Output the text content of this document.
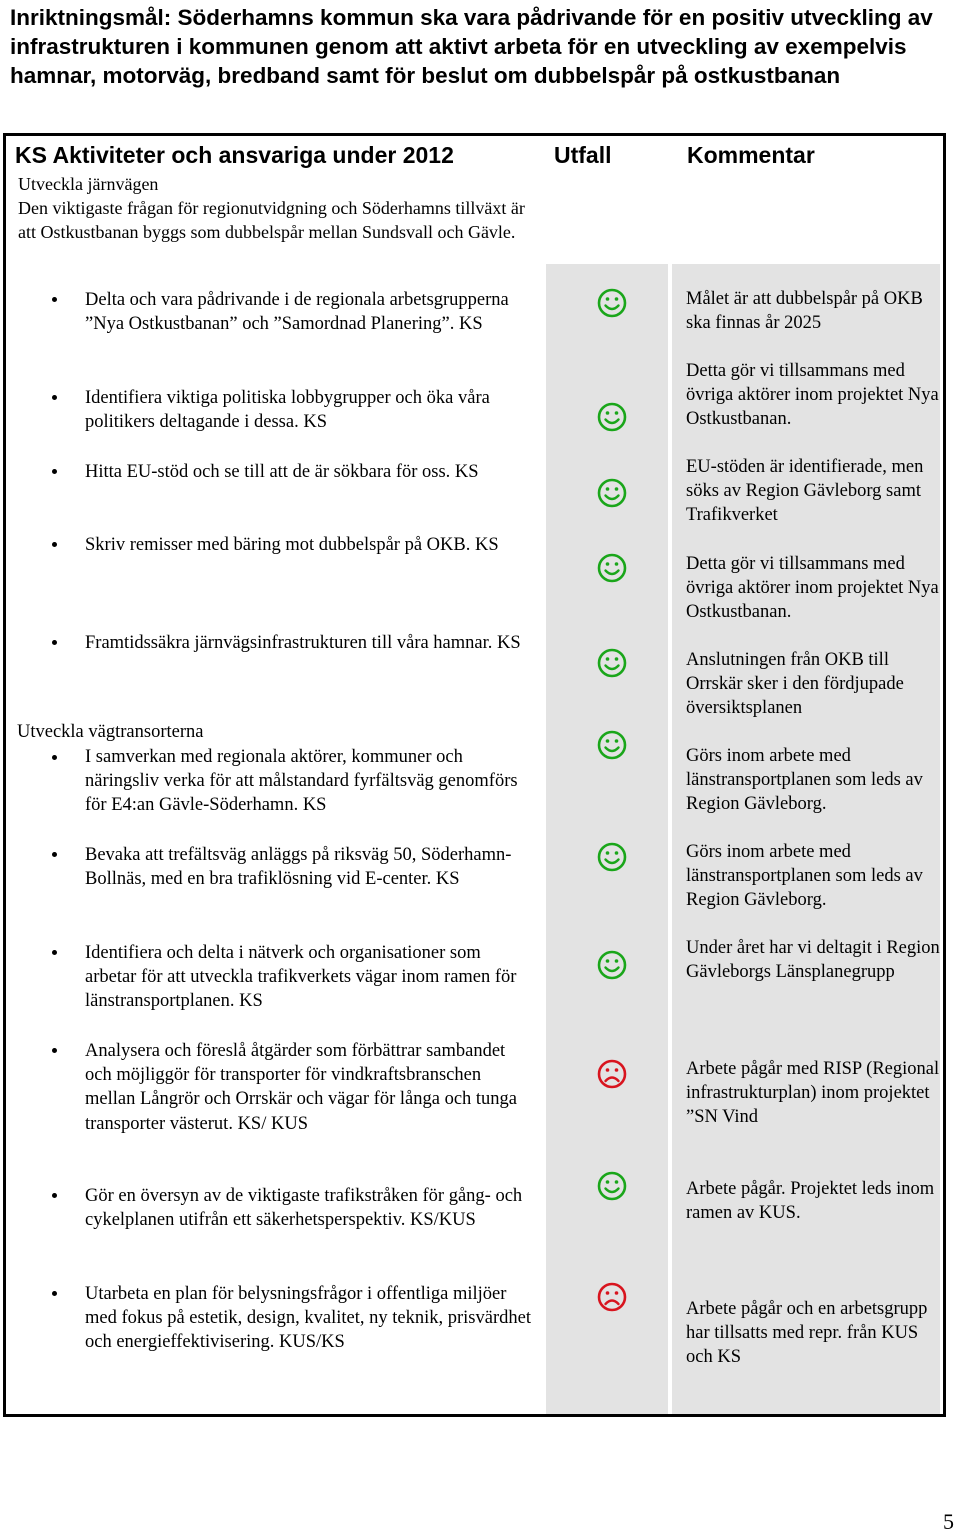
Inriktningsmål: Söderhamns kommun ska vara pådrivande för en positiv utveckling av infrastrukturen i kommunen genom att aktivt arbeta för en utveckling av exempelvis hamnar, motorväg, bredband samt för beslut om dubbelspår på ostkustbanan
KS Aktiviteter och ansvariga under 2012	Utfall	Kommentar
Utveckla järnvägen
Den viktigaste frågan för regionutvidgning och Söderhamns tillväxt är att Ostkustbanan byggs som dubbelspår mellan Sundsvall och Gävle.
Delta och vara pådrivande i de regionala arbetsgrupperna ”Nya Ostkustbanan” och ”Samordnad Planering”. KS
Identifiera viktiga politiska lobbygrupper och öka våra politikers deltagande i dessa. KS
Hitta EU-stöd och se till att de är sökbara för oss. KS
Skriv remisser med bäring mot dubbelspår på OKB. KS
Framtidssäkra järnvägsinfrastrukturen till våra hamnar. KS
Utveckla vägtransorterna
I samverkan med regionala aktörer, kommuner och näringsliv verka för att målstandard fyrfältsväg genomförs för E4:an Gävle-Söderhamn. KS
Bevaka att trefältsväg anläggs på riksväg 50, Söderhamn-Bollnäs, med en bra trafiklösning vid E-center. KS
Identifiera och delta i nätverk och organisationer som arbetar för att utveckla trafikverkets vägar inom ramen för länstransportplanen. KS
Analysera och föreslå åtgärder som förbättrar sambandet och möjliggör för transporter för vindkraftsbranschen mellan Långrör och Orrskär och vägar för långa och tunga transporter västerut. KS/ KUS
Gör en översyn av de viktigaste trafikstråken för gång- och cykelplanen utifrån ett säkerhetsperspektiv. KS/KUS
Utarbeta en plan för belysningsfrågor i offentliga miljöer med fokus på estetik, design, kvalitet, ny teknik, prisvärdhet och energieffektivisering. KUS/KS
Målet är att dubbelspår på OKB ska finnas år 2025
Detta gör vi tillsammans med övriga aktörer inom projektet Nya Ostkustbanan.
EU-stöden är identifierade, men söks av Region Gävleborg samt Trafikverket
Detta gör vi tillsammans med övriga aktörer inom projektet Nya Ostkustbanan.
Anslutningen från OKB till Orrskär sker i den fördjupade översiktsplanen
Görs inom arbete med länstransportplanen som leds av Region Gävleborg.
Görs inom arbete med länstransportplanen som leds av Region Gävleborg.
Under året har vi deltagit i Region Gävleborgs Länsplanegrupp
Arbete pågår med RISP (Regional infrastrukturplan) inom projektet ”SN Vind
Arbete pågår. Projektet leds inom ramen av KUS.
Arbete pågår och en arbetsgrupp har tillsatts med repr. från KUS och KS
5
